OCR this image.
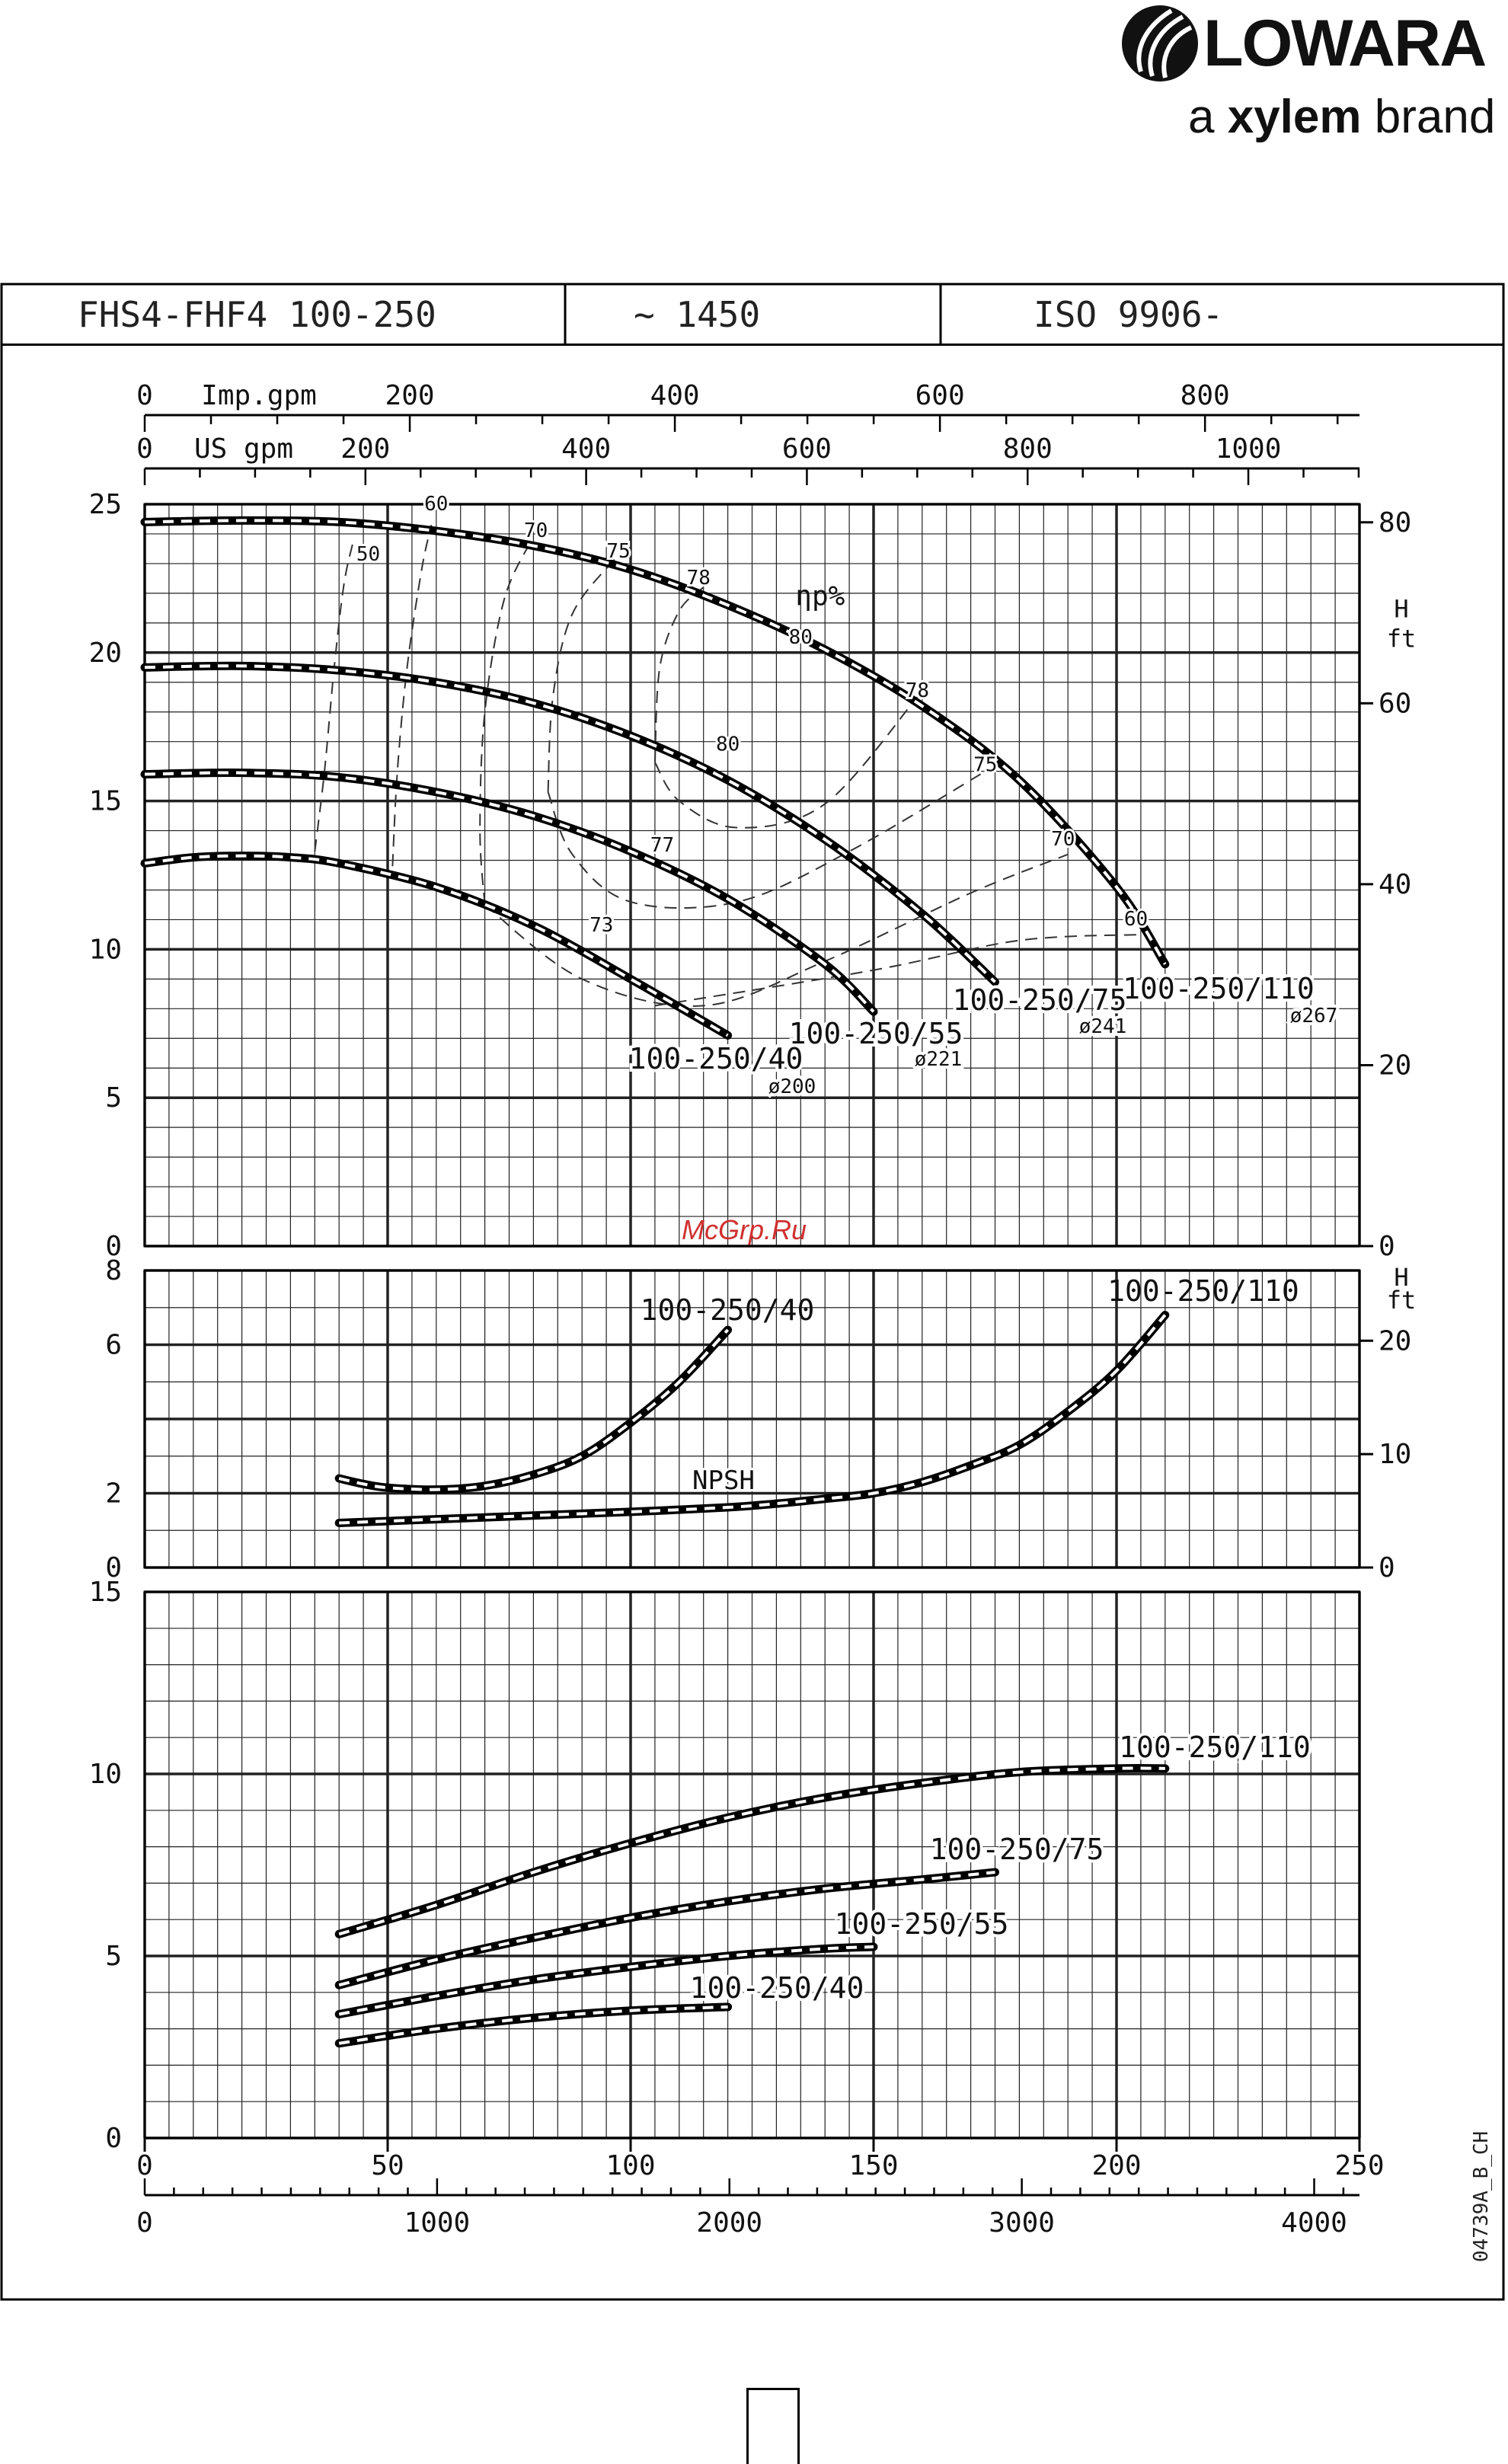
LOWARA
a xylem brand
50
60
70
75
78
80
78
75
70
60
80
77
73
ηp%
100-250/110
ø267
100-250/75
ø241
100-250/55
ø221
100-250/40
ø200
0
5
10
15
20
25
0
20
40
60
80
H
ft
0	200	400	600	800	1000
US gpm
0	200	400	600	800
Imp.gpm
100-250/40
100-250/110
NPSH
0
2
6
8
0
10
20
H
ft
100-250/110
100-250/75
100-250/55
100-250/40
0
5
10
15
0	50	100	150	200	250
0	1000	2000	3000	4000
FHS4-FHF4 100-250	~ 1450	ISO 9906-
McGrp.Ru
04739A_B_CH
